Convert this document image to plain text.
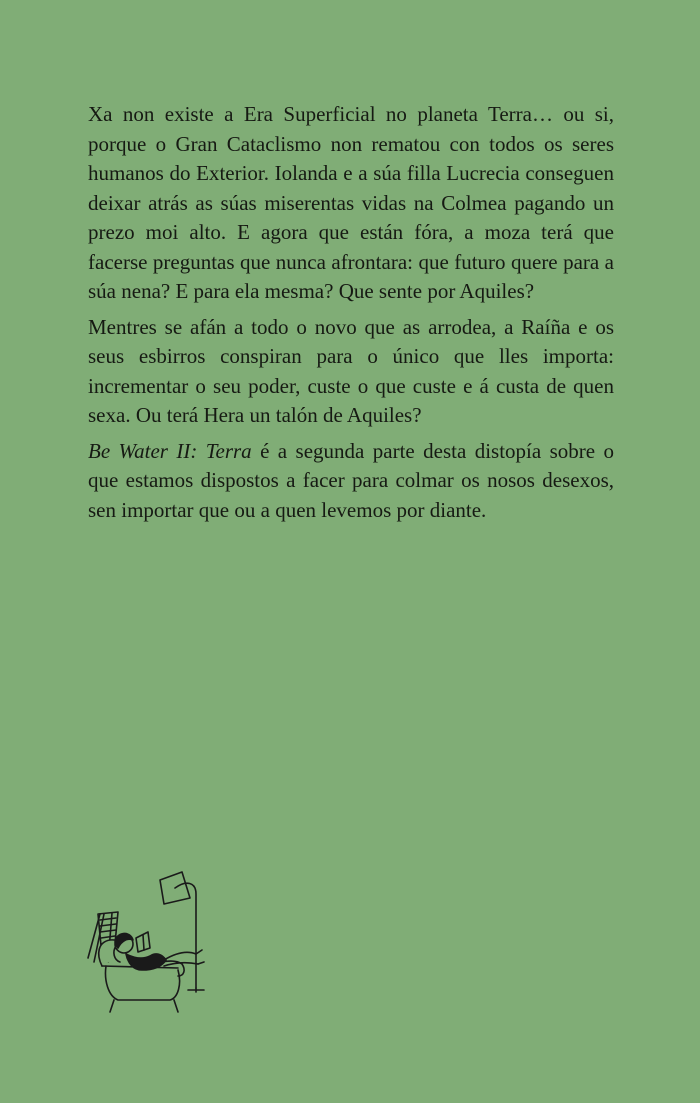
Xa non existe a Era Superficial no planeta Terra… ou si, porque o Gran Cataclismo non rematou con todos os seres humanos do Exterior. Iolanda e a súa filla Lucrecia conseguen deixar atrás as súas miserentas vidas na Colmea pagando un prezo moi alto. E agora que están fóra, a moza terá que facerse preguntas que nunca afrontara: que futuro quere para a súa nena? E para ela mesma? Que sente por Aquiles?

Mentres se afán a todo o novo que as arrodea, a Raíña e os seus esbirros conspiran para o único que lles importa: incrementar o seu poder, custe o que custe e á custa de quen sexa. Ou terá Hera un talón de Aquiles?

Be Water II: Terra é a segunda parte desta distopía sobre o que estamos dispostos a facer para colmar os nosos desexos, sen importar que ou a quen levemos por diante.
